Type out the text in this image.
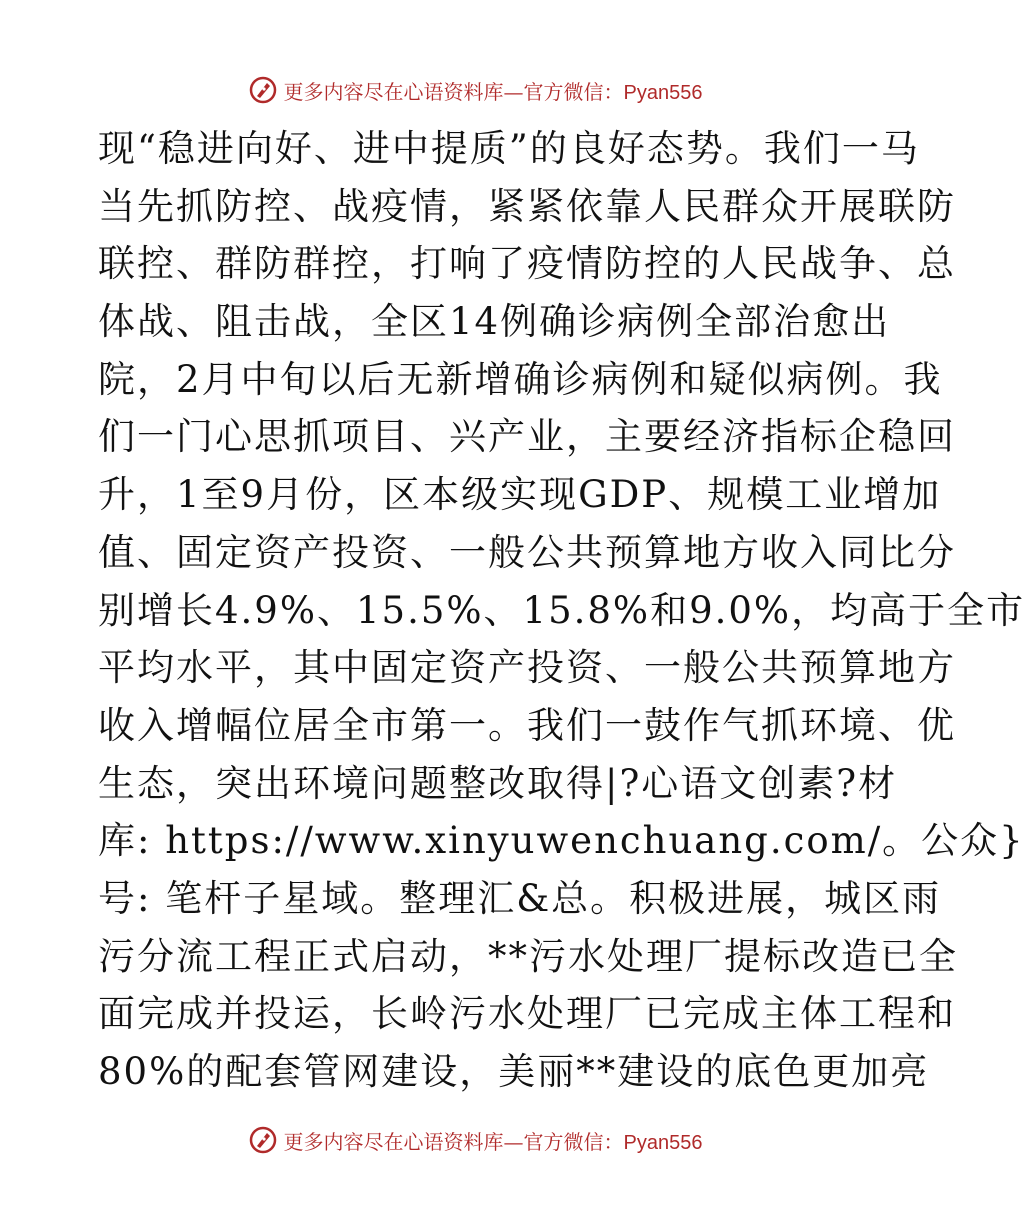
更多内容尽在心语资料库—官方微信：Pyan556
现“稳进向好、进中提质”的良好态势。我们一马
当先抓防控、战疫情，紧紧依靠人民群众开展联防
联控、群防群控，打响了疫情防控的人民战争、总
体战、阻击战，全区14例确诊病例全部治愈出
院，2月中旬以后无新增确诊病例和疑似病例。我
们一门心思抓项目、兴产业，主要经济指标企稳回
升，1至9月份，区本级实现GDP、规模工业增加
值、固定资产投资、一般公共预算地方收入同比分
别增长4.9%、15.5%、15.8%和9.0%，均高于全市
平均水平，其中固定资产投资、一般公共预算地方
收入增幅位居全市第一。我们一鼓作气抓环境、优
生态，突出环境问题整改取得|?心语文创素?材
库: https://www.xinyuwenchuang.com/。公众}
号: 笔杆子星域。整理汇&总。积极进展，城区雨
污分流工程正式启动，**污水处理厂提标改造已全
面完成并投运，长岭污水处理厂已完成主体工程和
80%的配套管网建设，美丽**建设的底色更加亮
更多内容尽在心语资料库—官方微信：Pyan556
